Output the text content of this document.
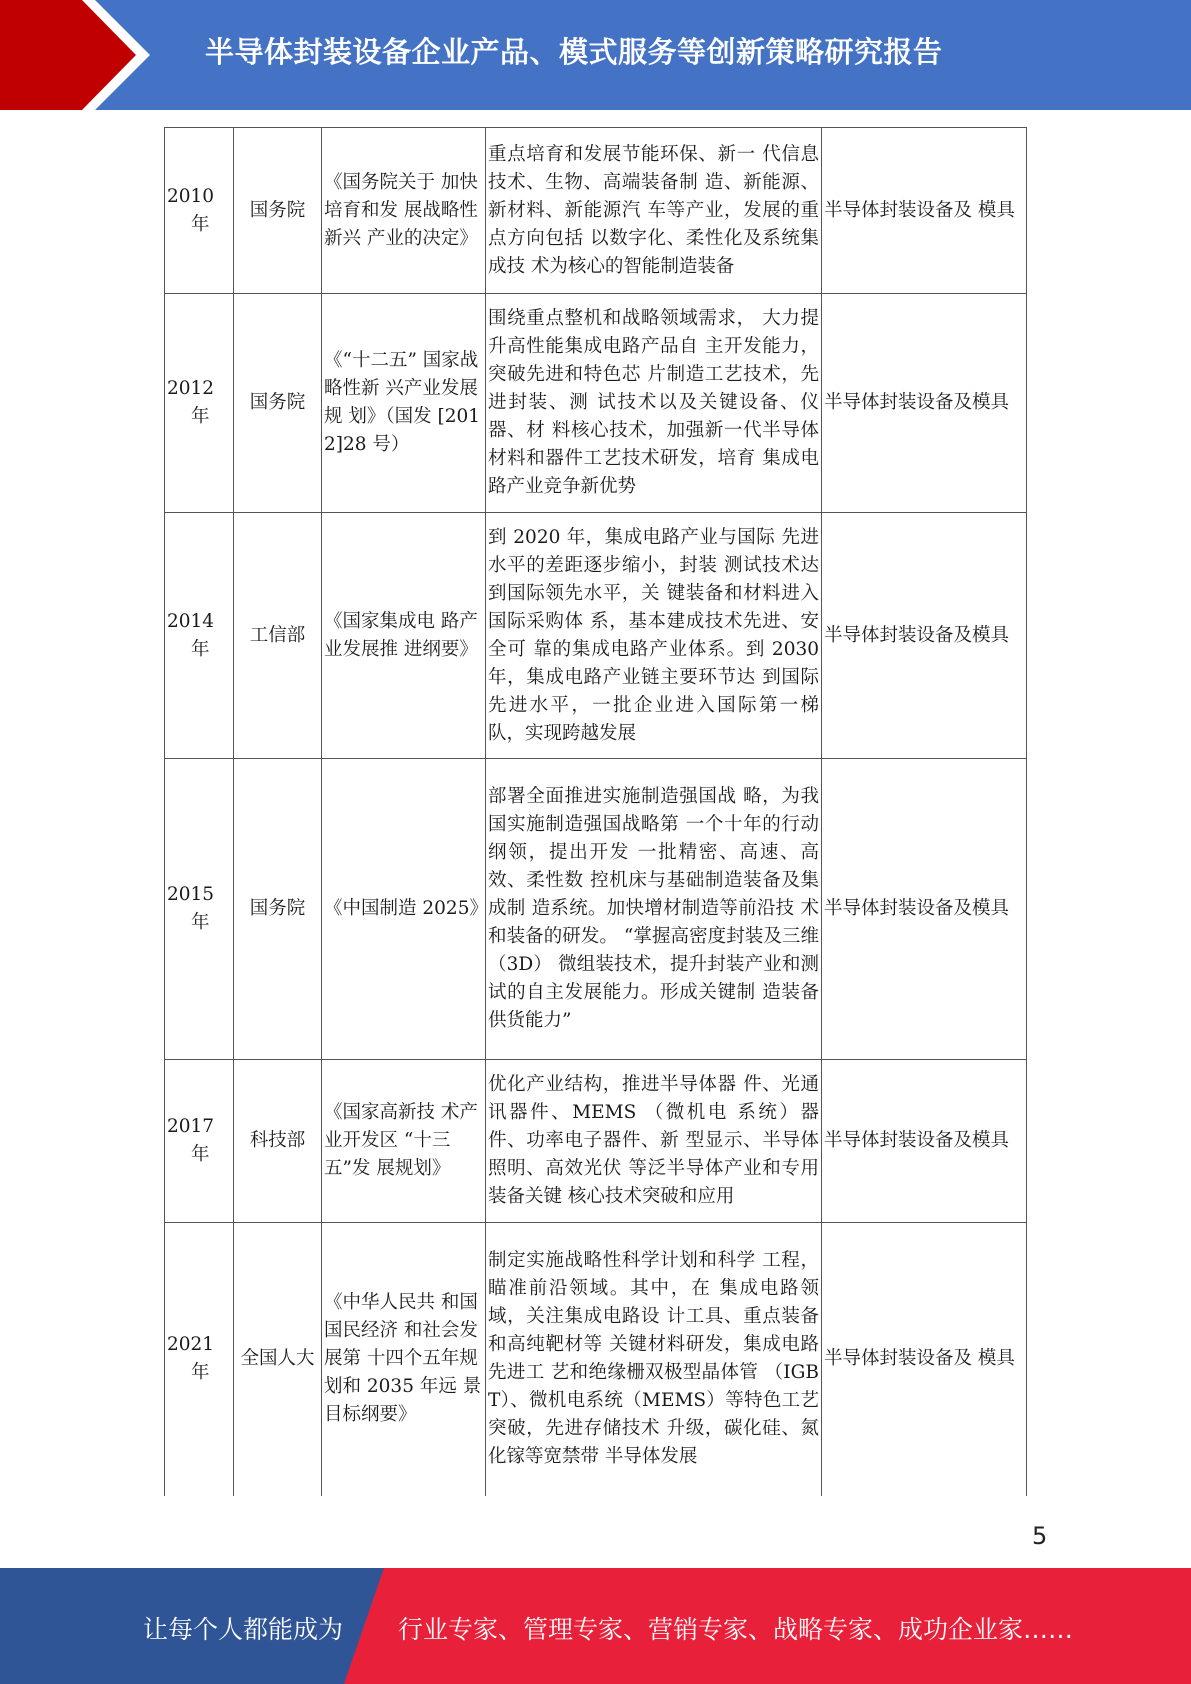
半导体封装设备企业产品、模式服务等创新策略研究报告
2010
年	国务院	《国务院关于 加快培育和发 展战略性新兴 产业的决定》	重点培育和发展节能环保、新一 代信息技术、生物、高端装备制 造、新能源、新材料、新能源汽 车等产业，发展的重点方向包括 以数字化、柔性化及系统集成技 术为核心的智能制造装备	半导体封装设备及 模具

2012
年	国务院	《“十二五” 国家战略性新 兴产业发展规 划》（国发 [2012]28 号）	围绕重点整机和战略领域需求， 大力提升高性能集成电路产品自 主开发能力，突破先进和特色芯 片制造工艺技术，先进封装、测 试技术以及关键设备、仪器、材 料核心技术，加强新一代半导体 材料和器件工艺技术研发，培育 集成电路产业竞争新优势	半导体封装设备及模具

2014
年	工信部	《国家集成电 路产业发展推 进纲要》	到 2020 年，集成电路产业与国际 先进水平的差距逐步缩小，封装 测试技术达到国际领先水平，关 键装备和材料进入国际采购体 系，基本建成技术先进、安全可 靠的集成电路产业体系。到 2030 年，集成电路产业链主要环节达 到国际先进水平，一批企业进入国际第一梯队，实现跨越发展	半导体封装设备及模具

2015
年	国务院	《中国制造 2025》	部署全面推进实施制造强国战 略，为我国实施制造强国战略第 一个十年的行动纲领，提出开发 一批精密、高速、高效、柔性数 控机床与基础制造装备及集成制 造系统。加快增材制造等前沿技 术和装备的研发。 “掌握高密度封装及三维（3D） 微组装技术，提升封装产业和测 试的自主发展能力。形成关键制 造装备供货能力”	半导体封装设备及模具

2017
年	科技部	《国家高新技 术产业开发区 “十三五”发 展规划》	优化产业结构，推进半导体器 件、光通讯器件、MEMS （微机电 系统）器件、功率电子器件、新 型显示、半导体照明、高效光伏 等泛半导体产业和专用装备关键 核心技术突破和应用	半导体封装设备及模具

2021
年	全国人大	《中华人民共 和国国民经济 和社会发展第 十四个五年规 划和 2035 年远 景目标纲要》	制定实施战略性科学计划和科学 工程，瞄准前沿领域。其中，在 集成电路领域，关注集成电路设 计工具、重点装备和高纯靶材等 关键材料研发，集成电路先进工 艺和绝缘栅双极型晶体管 （IGBT）、微机电系统（MEMS）等特色工艺突破，先进存储技术 升级，碳化硅、氮化镓等宽禁带 半导体发展	半导体封装设备及 模具
5
让每个人都能成为 行业专家、管理专家、营销专家、战略专家、成功企业家……
